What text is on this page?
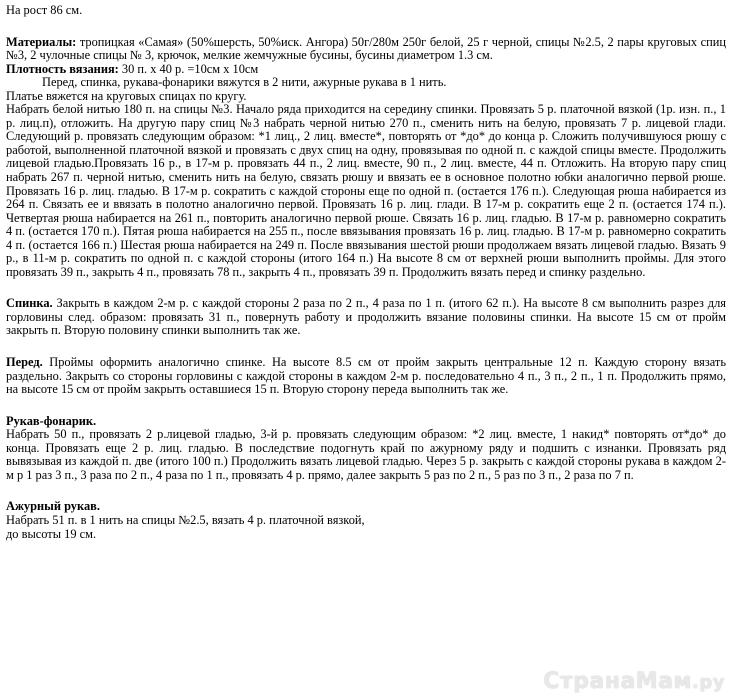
На рост 86 см.

Материалы: тропицкая «Самая» (50%шерсть, 50%иск. Ангора) 50г/280м 250г белой, 25 г черной, спицы №2.5, 2 пары круговых спиц №3, 2 чулочные спицы № 3, крючок, мелкие жемчужные бусины, бусины диаметром 1.3 см.

Плотность вязания: 30 п. х 40 р. =10см х 10см

Перед, спинка, рукава-фонарики вяжутся в 2 нити, ажурные рукава в 1 нить.

Платье вяжется на круговых спицах по кругу.

Набрать белой нитью 180 п. на спицы №3. Начало ряда приходится на середину спинки. Провязать 5 р. платочной вязкой (1р. изн. п., 1 р. лиц.п), отложить. На другую пару спиц №3 набрать черной нитью 270 п., сменить нить на белую, провязать 7 р. лицевой глади. Следующий р. провязать следующим образом: *1 лиц., 2 лиц. вместе*, повторять от *до* до конца р. Сложить получившуюся рюшу с работой, выполненной платочной вязкой и провязать с двух спиц на одну, провязывая по одной п. с каждой спицы вместе. Продолжить лицевой гладью.Провязать 16 р., в 17-м р. провязать 44 п., 2 лиц. вместе, 90 п., 2 лиц. вместе, 44 п. Отложить. На вторую пару спиц набрать 267 п. черной нитью, сменить нить на белую, связать рюшу и ввязать ее в основное полотно юбки аналогично первой рюше. Провязать 16 р. лиц. гладью. В 17-м р. сократить с каждой стороны еще по одной п. (остается 176 п.). Следующая рюша набирается из 264 п. Связать ее и ввязать в полотно аналогично первой. Провязать 16 р. лиц. глади. В 17-м р. сократить еще 2 п. (остается 174 п.). Четвертая рюша набирается на 261 п., повторить аналогично первой рюше. Связать 16 р. лиц. гладью. В 17-м р. равномерно сократить 4 п. (остается 170 п.). Пятая рюша набирается на 255 п., после ввязывания провязать 16 р. лиц. гладью. В 17-м р. равномерно сократить 4 п. (остается 166 п.) Шестая рюша набирается на 249 п. После ввязывания шестой рюши продолжаем вязать лицевой гладью. Вязать 9 р., в 11-м р. сократить по одной п. с каждой стороны (итого 164 п.) На высоте 8 см от верхней рюши выполнить проймы. Для этого провязать 39 п., закрыть 4 п., провязать 78 п., закрыть 4 п., провязать 39 п. Продолжить вязать перед и спинку раздельно.

Спинка. Закрыть в каждом 2-м р. с каждой стороны 2 раза по 2 п., 4 раза по 1 п. (итого 62 п.). На высоте 8 см выполнить разрез для горловины след. образом: провязать 31 п., повернуть работу и продолжить вязание половины спинки. На высоте 15 см от пройм закрыть п. Вторую половину спинки выполнить так же.

Перед. Проймы оформить аналогично спинке. На высоте 8.5 см от пройм закрыть центральные 12 п. Каждую сторону вязать раздельно. Закрыть со стороны горловины с каждой стороны в каждом 2-м р. последовательно 4 п., 3 п., 2 п., 1 п. Продолжить прямо, на высоте 15 см от пройм закрыть оставшиеся 15 п. Вторую сторону переда выполнить так же.

Рукав-фонарик.

Набрать 50 п., провязать 2 р.лицевой гладью, 3-й р. провязать следующим образом: *2 лиц. вместе, 1 накид* повторять от*до* до конца. Провязать еще 2 р. лиц. гладью. В последствие подогнуть край по ажурному ряду и подшить с изнанки. Провязать ряд вывязывая из каждой п. две (итого 100 п.) Продолжить вязать лицевой гладью. Через 5 р. закрыть с каждой стороны рукава в каждом 2-м р 1 раз 3 п., 3 раза по 2 п., 4 раза по 1 п., провязать 4 р. прямо, далее закрыть 5 раз по 2 п., 5 раз по 3 п., 2 раза по 7 п.

Ажурный рукав.

Набрать 51 п. в 1 нить на спицы №2.5, вязать 4 р. платочной вязкой,

до высоты 19 см.

СтранаМам.ру
